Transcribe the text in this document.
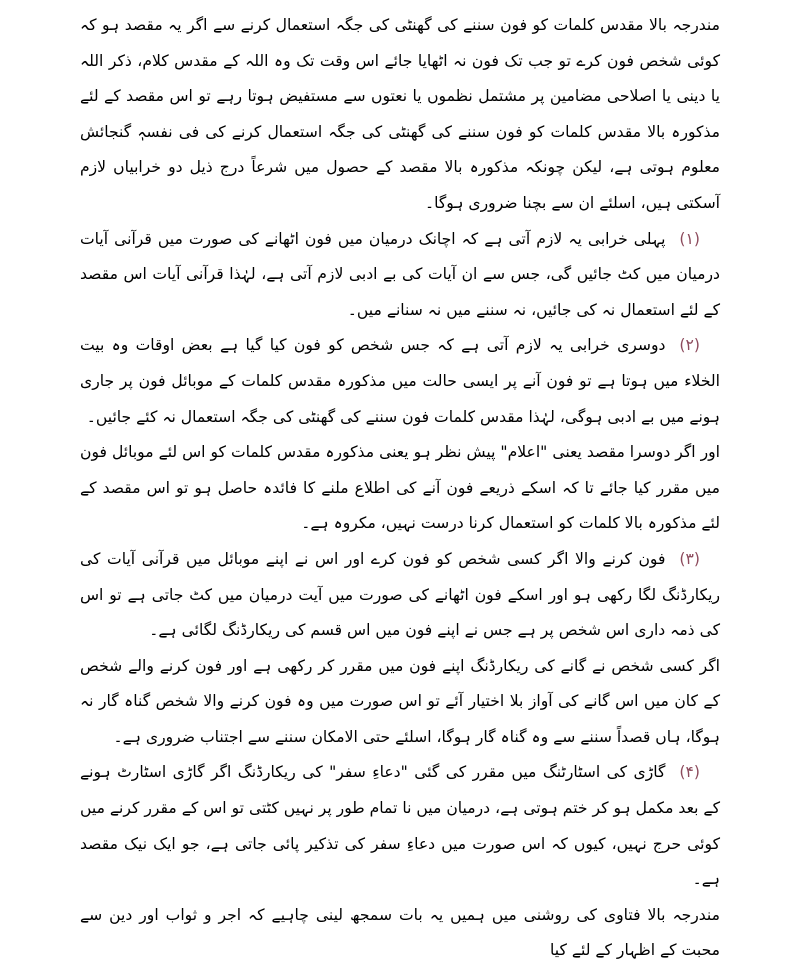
مندرجہ بالا مقدس کلمات کو فون سننے کی گھنٹی کی جگہ استعمال کرنے سے اگر یہ مقصد ہو کہ کوئی شخص فون کرے تو جب تک فون نہ اٹھایا جائے اس وقت تک وہ اللہ کے مقدس کلام، ذکر اللہ یا دینی یا اصلاحی مضامین پر مشتمل نظموں یا نعتوں سے مستفیض ہوتا رہے تو اس مقصد کے لئے مذکورہ بالا مقدس کلمات کو فون سننے کی گھنٹی کی جگہ استعمال کرنے کی فی نفسہٖ گنجائش معلوم ہوتی ہے، لیکن چونکہ مذکورہ بالا مقصد کے حصول میں شرعاً درج ذیل دو خرابیاں لازم آسکتی ہیں، اسلئے ان سے بچنا ضروری ہوگا۔

(۱)پہلی خرابی یہ لازم آتی ہے کہ اچانک درمیان میں فون اٹھانے کی صورت میں قرآنی آیات درمیان میں کٹ جائیں گی، جس سے ان آیات کی بے ادبی لازم آتی ہے، لہٰذا قرآنی آیات اس مقصد کے لئے استعمال نہ کی جائیں، نہ سننے میں نہ سنانے میں۔

(۲)دوسری خرابی یہ لازم آتی ہے کہ جس شخص کو فون کیا گیا ہے بعض اوقات وہ بیت الخلاء میں ہوتا ہے تو فون آنے پر ایسی حالت میں مذکورہ مقدس کلمات کے موبائل فون پر جاری ہونے میں بے ادبی ہوگی، لہٰذا مقدس کلمات فون سننے کی گھنٹی کی جگہ استعمال نہ کئے جائیں۔

اور اگر دوسرا مقصد یعنی "اعلام" پیش نظر ہو یعنی مذکورہ مقدس کلمات کو اس لئے موبائل فون میں مقرر کیا جائے تا کہ اسکے ذریعے فون آنے کی اطلاع ملنے کا فائدہ حاصل ہو تو اس مقصد کے لئے مذکورہ بالا کلمات کو استعمال کرنا درست نہیں، مکروہ ہے۔

(۳)فون کرنے والا اگر کسی شخص کو فون کرے اور اس نے اپنے موبائل میں قرآنی آیات کی ریکارڈنگ لگا رکھی ہو اور اسکے فون اٹھانے کی صورت میں آیت درمیان میں کٹ جاتی ہے تو اس کی ذمہ داری اس شخص پر ہے جس نے اپنے فون میں اس قسم کی ریکارڈنگ لگائی ہے۔

اگر کسی شخص نے گانے کی ریکارڈنگ اپنے فون میں مقرر کر رکھی ہے اور فون کرنے والے شخص کے کان میں اس گانے کی آواز بلا اختیار آئے تو اس صورت میں وہ فون کرنے والا شخص گناہ گار نہ ہوگا، ہاں قصداً سننے سے وہ گناہ گار ہوگا، اسلئے حتی الامکان سننے سے اجتناب ضروری ہے۔

(۴)گاڑی کی اسٹارٹنگ میں مقرر کی گئی "دعاءِ سفر" کی ریکارڈنگ اگر گاڑی اسٹارٹ ہونے کے بعد مکمل ہو کر ختم ہوتی ہے، درمیان میں نا تمام طور پر نہیں کٹتی تو اس کے مقرر کرنے میں کوئی حرج نہیں، کیوں کہ اس صورت میں دعاءِ سفر کی تذکیر پائی جاتی ہے، جو ایک نیک مقصد ہے۔

مندرجہ بالا فتاوی کی روشنی میں ہمیں یہ بات سمجھ لینی چاہیے کہ اجر و ثواب اور دین سے محبت کے اظہار کے لئے کیا
